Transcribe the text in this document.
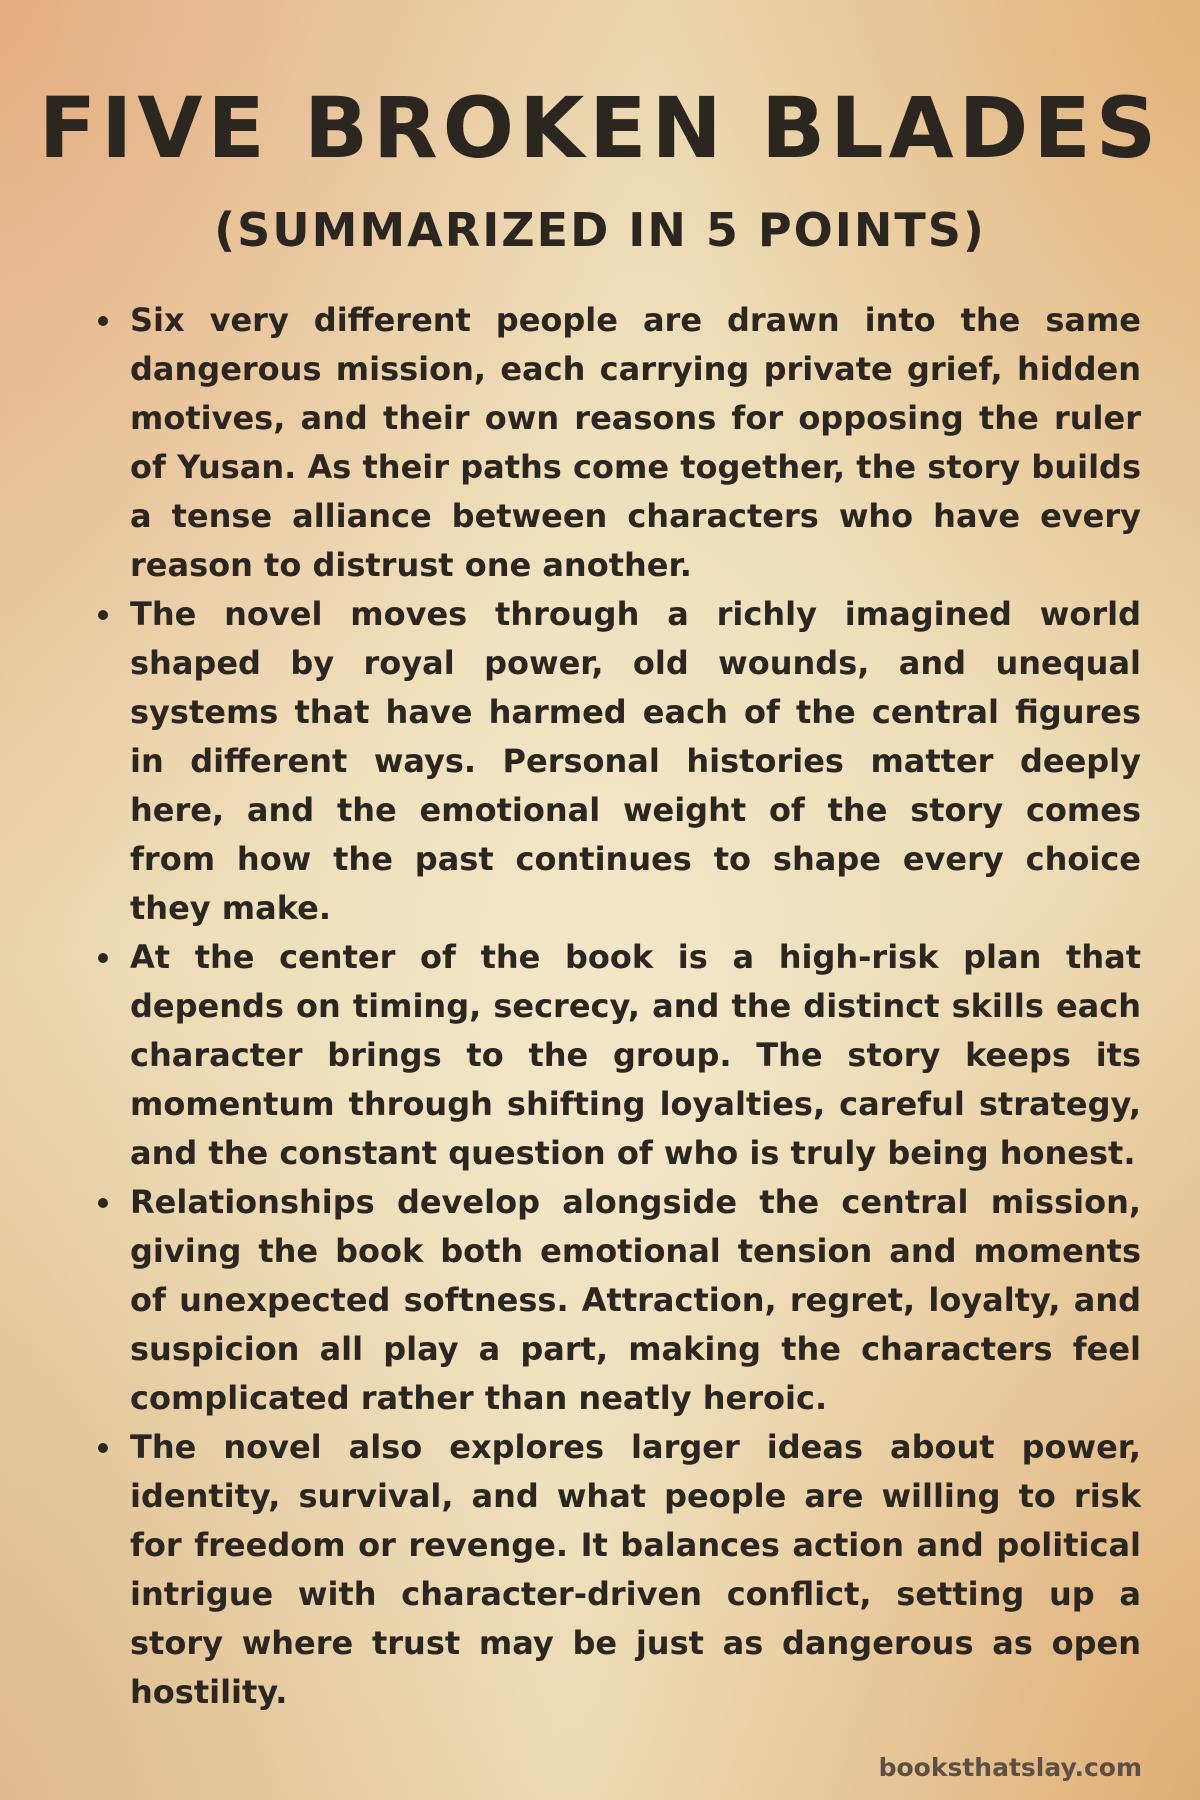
FIVE BROKEN BLADES
(SUMMARIZED IN 5 POINTS)
Six very different people are drawn into the same dangerous mission, each carrying private grief, hidden motives, and their own reasons for opposing the ruler of Yusan. As their paths come together, the story builds a tense alliance between characters who have every reason to distrust one another.
The novel moves through a richly imagined world shaped by royal power, old wounds, and unequal systems that have harmed each of the central figures in different ways. Personal histories matter deeply here, and the emotional weight of the story comes from how the past continues to shape every choice they make.
At the center of the book is a high-risk plan that depends on timing, secrecy, and the distinct skills each character brings to the group. The story keeps its momentum through shifting loyalties, careful strategy, and the constant question of who is truly being honest.
Relationships develop alongside the central mission, giving the book both emotional tension and moments of unexpected softness. Attraction, regret, loyalty, and suspicion all play a part, making the characters feel complicated rather than neatly heroic.
The novel also explores larger ideas about power, identity, survival, and what people are willing to risk for freedom or revenge. It balances action and political intrigue with character-driven conflict, setting up a story where trust may be just as dangerous as open hostility.
booksthatslay.com
